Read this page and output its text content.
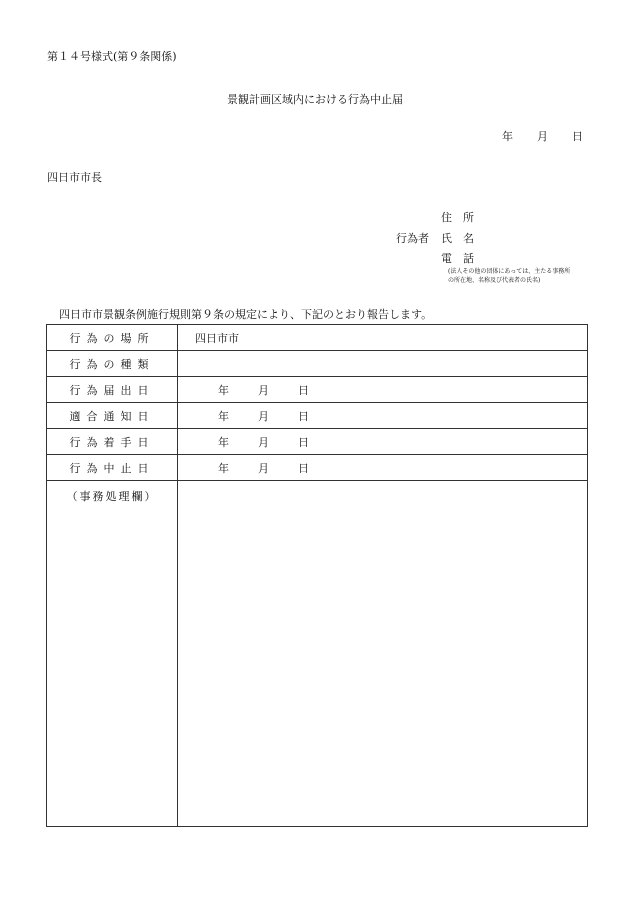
第１４号様式(第９条関係)
景観計画区域内における行為中止届
年 月 日
四日市市長
住　所
行為者 氏　名
電　話
(法人その他の団体にあっては、主たる事務所
の所在地、名称及び代表者の氏名)
四日市市景観条例施行規則第９条の規定により、下記のとおり報告します。
行為の場所	四日市市
行為の種類	
行為届出日	年 月 日

適合通知日	年 月 日

行為着手日	年 月 日

行為中止日	年 月 日

（事務処理欄）	
